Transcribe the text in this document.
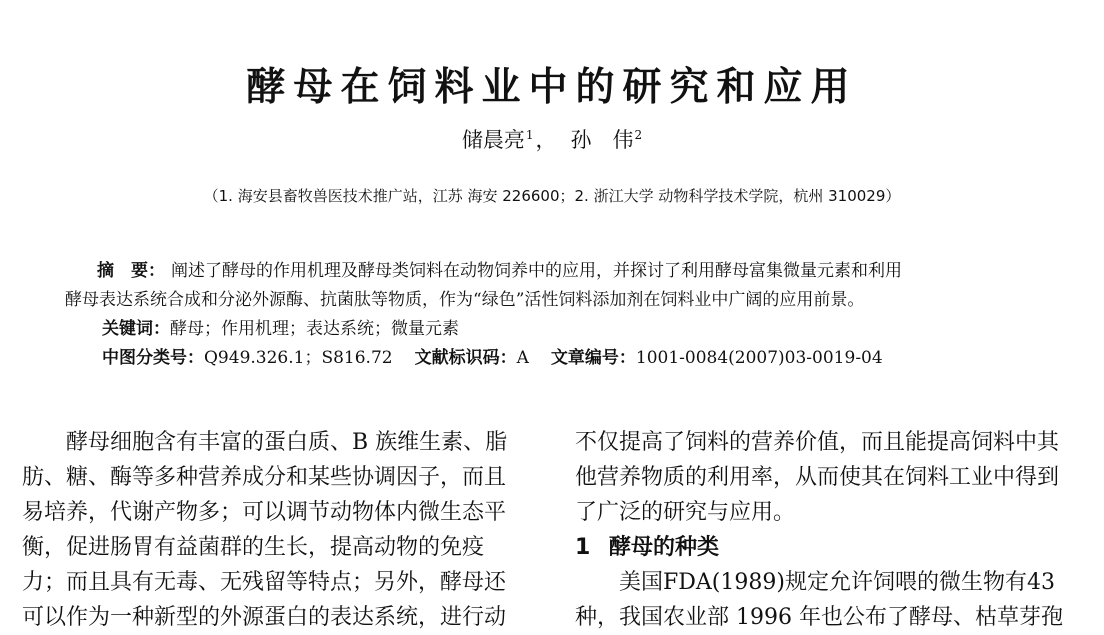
酵母在饲料业中的研究和应用
储晨亮$^1$， 孙　伟$^2$
（1. 海安县畜牧兽医技术推广站，江苏 海安 226600；2. 浙江大学 动物科学技术学院，杭州 310029）
摘　要： 阐述了酵母的作用机理及酵母类饲料在动物饲养中的应用，并探讨了利用酵母富集微量元素和利用
酵母表达系统合成和分泌外源酶、抗菌肽等物质，作为“绿色”活性饲料添加剂在饲料业中广阔的应用前景。
关键词：酵母；作用机理；表达系统；微量元素
中图分类号：Q949.326.1；S816.72 文献标识码：A 文章编号：1001-0084(2007)03-0019-04
酵母细胞含有丰富的蛋白质、B 族维生素、脂
肪、糖、酶等多种营养成分和某些协调因子，而且
易培养，代谢产物多；可以调节动物体内微生态平
衡，促进肠胃有益菌群的生长，提高动物的免疫
力；而且具有无毒、无残留等特点；另外，酵母还
可以作为一种新型的外源蛋白的表达系统，进行动
不仅提高了饲料的营养价值，而且能提高饲料中其
他营养物质的利用率，从而使其在饲料工业中得到
了广泛的研究与应用。
1 酵母的种类
美国FDA(1989)规定允许饲喂的微生物有43
种，我国农业部 1996 年也公布了酵母、枯草芽孢
